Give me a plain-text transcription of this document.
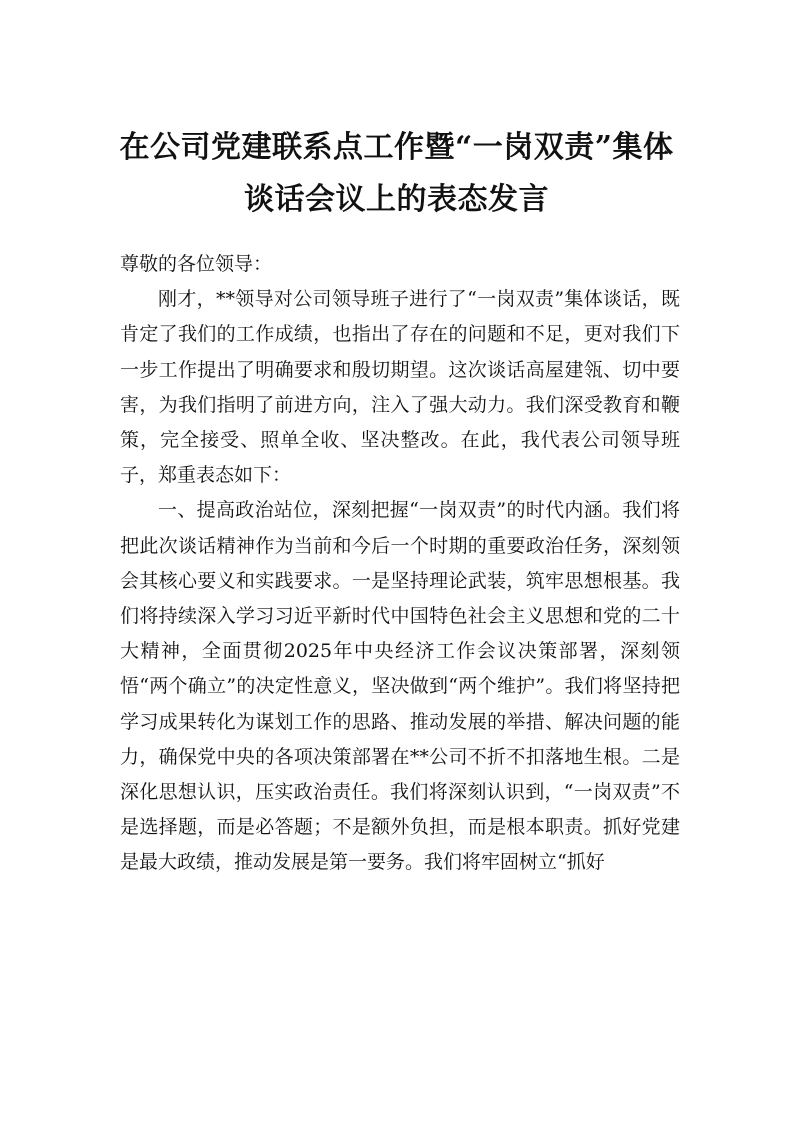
在公司党建联系点工作暨“一岗双责”集体
谈话会议上的表态发言

尊敬的各位领导：

刚才，**领导对公司领导班子进行了“一岗双责”集体谈话，既肯定了我们的工作成绩，也指出了存在的问题和不足，更对我们下一步工作提出了明确要求和殷切期望。这次谈话高屋建瓴、切中要害，为我们指明了前进方向，注入了强大动力。我们深受教育和鞭策，完全接受、照单全收、坚决整改。在此，我代表公司领导班子，郑重表态如下：

一、提高政治站位，深刻把握“一岗双责”的时代内涵。我们将把此次谈话精神作为当前和今后一个时期的重要政治任务，深刻领会其核心要义和实践要求。一是坚持理论武装，筑牢思想根基。我们将持续深入学习习近平新时代中国特色社会主义思想和党的二十大精神，全面贯彻2025年中央经济工作会议决策部署，深刻领悟“两个确立”的决定性意义，坚决做到“两个维护”。我们将坚持把学习成果转化为谋划工作的思路、推动发展的举措、解决问题的能力，确保党中央的各项决策部署在**公司不折不扣落地生根。二是深化思想认识，压实政治责任。我们将深刻认识到，“一岗双责”不是选择题，而是必答题；不是额外负担，而是根本职责。抓好党建是最大政绩，推动发展是第一要务。我们将牢固树立“抓好
